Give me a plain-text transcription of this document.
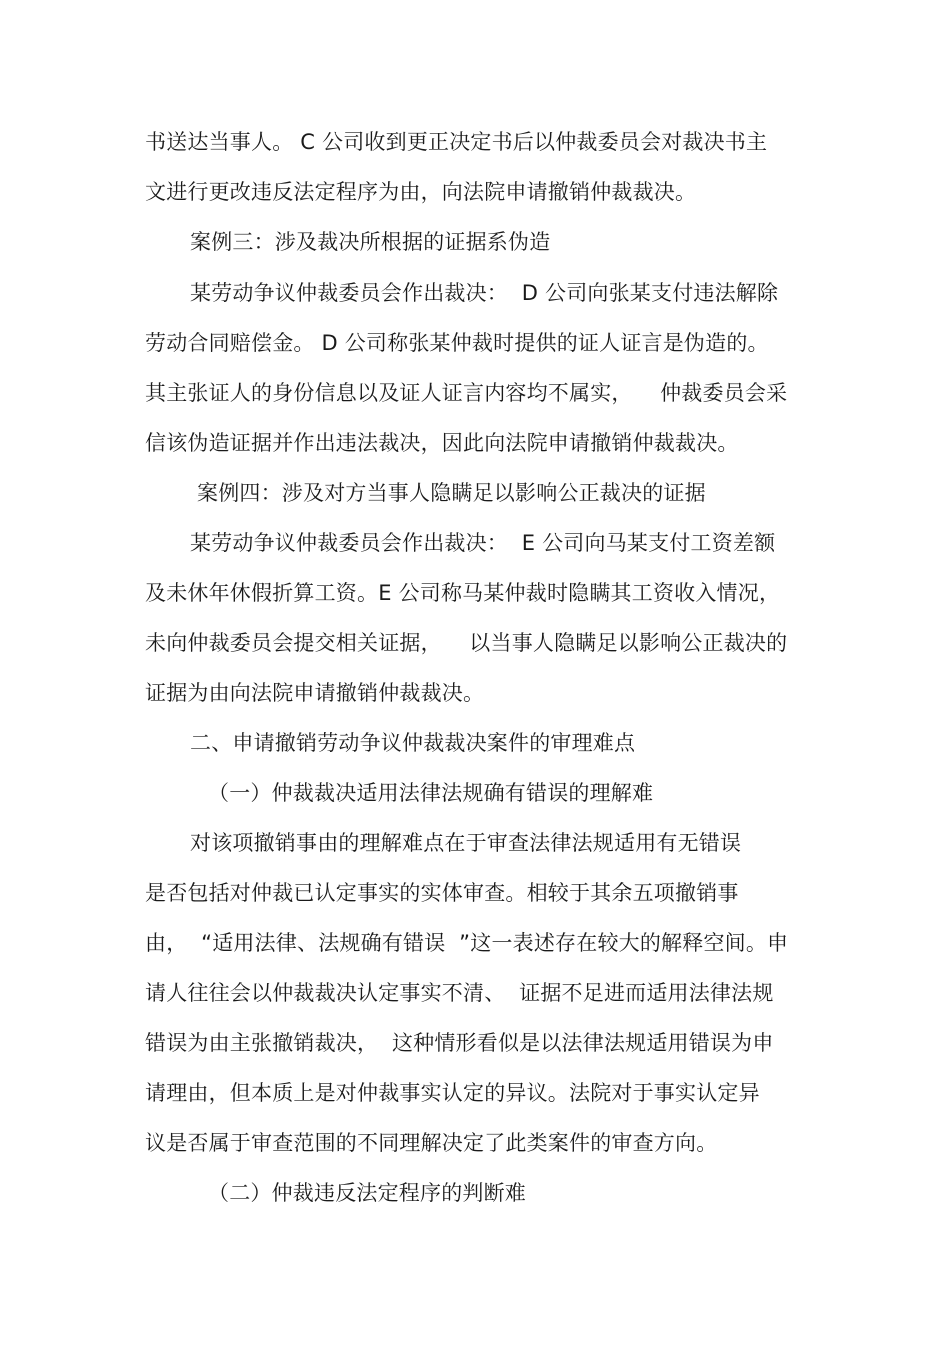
书送达当事人。 C 公司收到更正决定书后以仲裁委员会对裁决书主
文进行更改违反法定程序为由，向法院申请撤销仲裁裁决。
案例三：涉及裁决所根据的证据系伪造
某劳动争议仲裁委员会作出裁决：  D 公司向张某支付违法解除
劳动合同赔偿金。 D 公司称张某仲裁时提供的证人证言是伪造的。
其主张证人的身份信息以及证人证言内容均不属实，    仲裁委员会采
信该伪造证据并作出违法裁决，因此向法院申请撤销仲裁裁决。
案例四：涉及对方当事人隐瞒足以影响公正裁决的证据
某劳动争议仲裁委员会作出裁决：  E 公司向马某支付工资差额
及未休年休假折算工资。E 公司称马某仲裁时隐瞒其工资收入情况，
未向仲裁委员会提交相关证据，    以当事人隐瞒足以影响公正裁决的
证据为由向法院申请撤销仲裁裁决。
二、申请撤销劳动争议仲裁裁决案件的审理难点
（一）仲裁裁决适用法律法规确有错误的理解难
对该项撤销事由的理解难点在于审查法律法规适用有无错误
是否包括对仲裁已认定事实的实体审查。相较于其余五项撤销事
由，  “适用法律、法规确有错误  ”这一表述存在较大的解释空间。申
请人往往会以仲裁裁决认定事实不清、  证据不足进而适用法律法规
错误为由主张撤销裁决，  这种情形看似是以法律法规适用错误为申
请理由，但本质上是对仲裁事实认定的异议。法院对于事实认定异
议是否属于审查范围的不同理解决定了此类案件的审查方向。
（二）仲裁违反法定程序的判断难
